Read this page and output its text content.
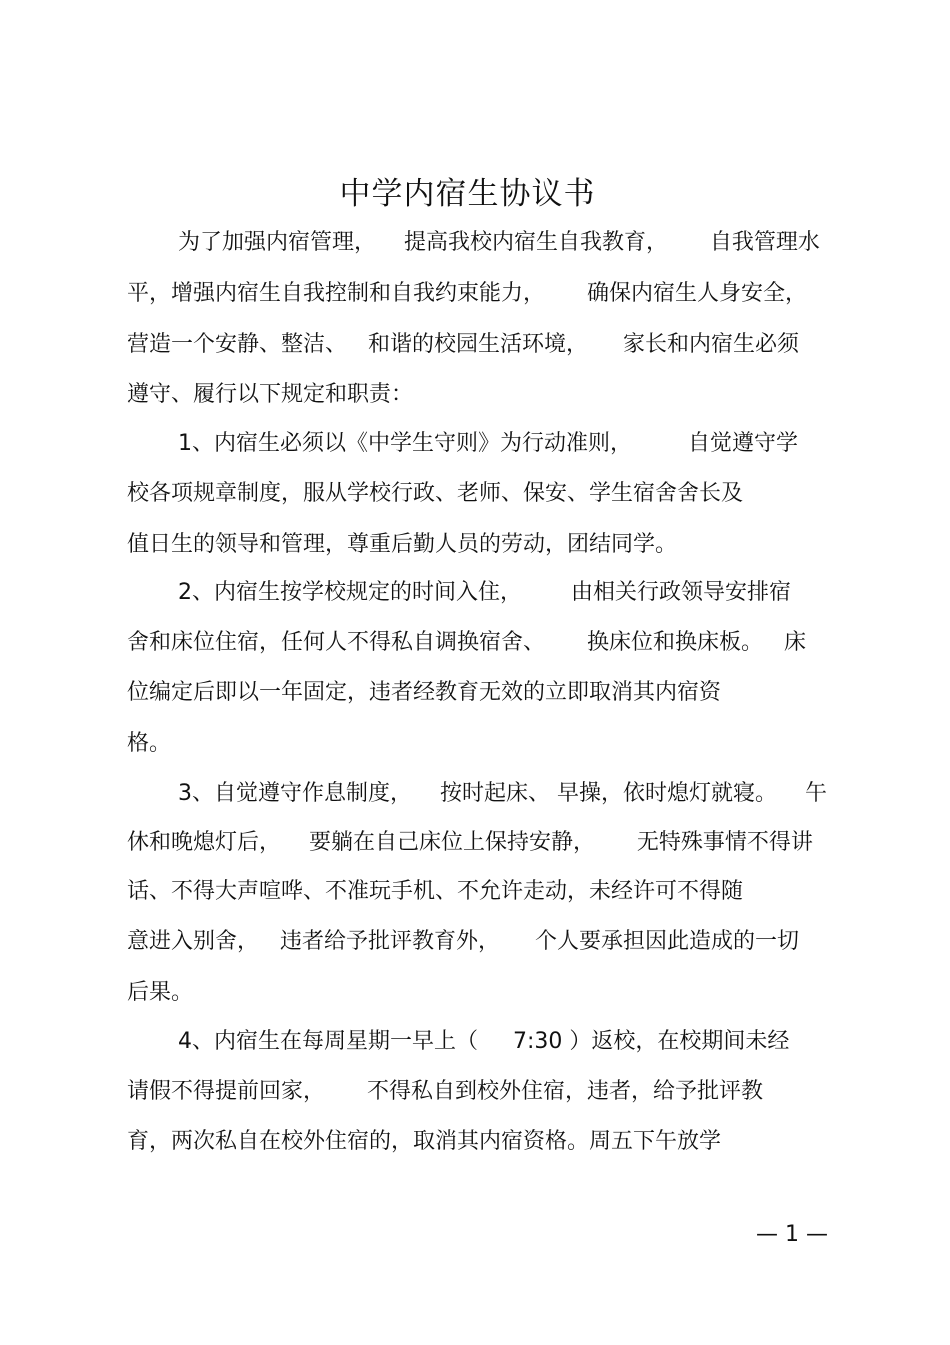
中学内宿生协议书
为了加强内宿管理，    提高我校内宿生自我教育，      自我管理水
平，增强内宿生自我控制和自我约束能力，      确保内宿生人身安全，
营造一个安静、整洁、   和谐的校园生活环境，     家长和内宿生必须
遵守、履行以下规定和职责：
1、内宿生必须以《中学生守则》为行动准则，        自觉遵守学
校各项规章制度，服从学校行政、老师、保安、学生宿舍舍长及
值日生的领导和管理，尊重后勤人员的劳动，团结同学。
2、内宿生按学校规定的时间入住，       由相关行政领导安排宿
舍和床位住宿，任何人不得私自调换宿舍、      换床位和换床板。   床
位编定后即以一年固定，违者经教育无效的立即取消其内宿资
格。
3、自觉遵守作息制度，    按时起床、 早操，依时熄灯就寝。    午
休和晚熄灯后，    要躺在自己床位上保持安静，      无特殊事情不得讲
话、不得大声喧哗、不准玩手机、不允许走动，未经许可不得随
意进入别舍，   违者给予批评教育外，     个人要承担因此造成的一切
后果。
4、内宿生在每周星期一早上（     7:30 ）返校，在校期间未经
请假不得提前回家，      不得私自到校外住宿，违者，给予批评教
育，两次私自在校外住宿的，取消其内宿资格。周五下午放学
— 1 —
